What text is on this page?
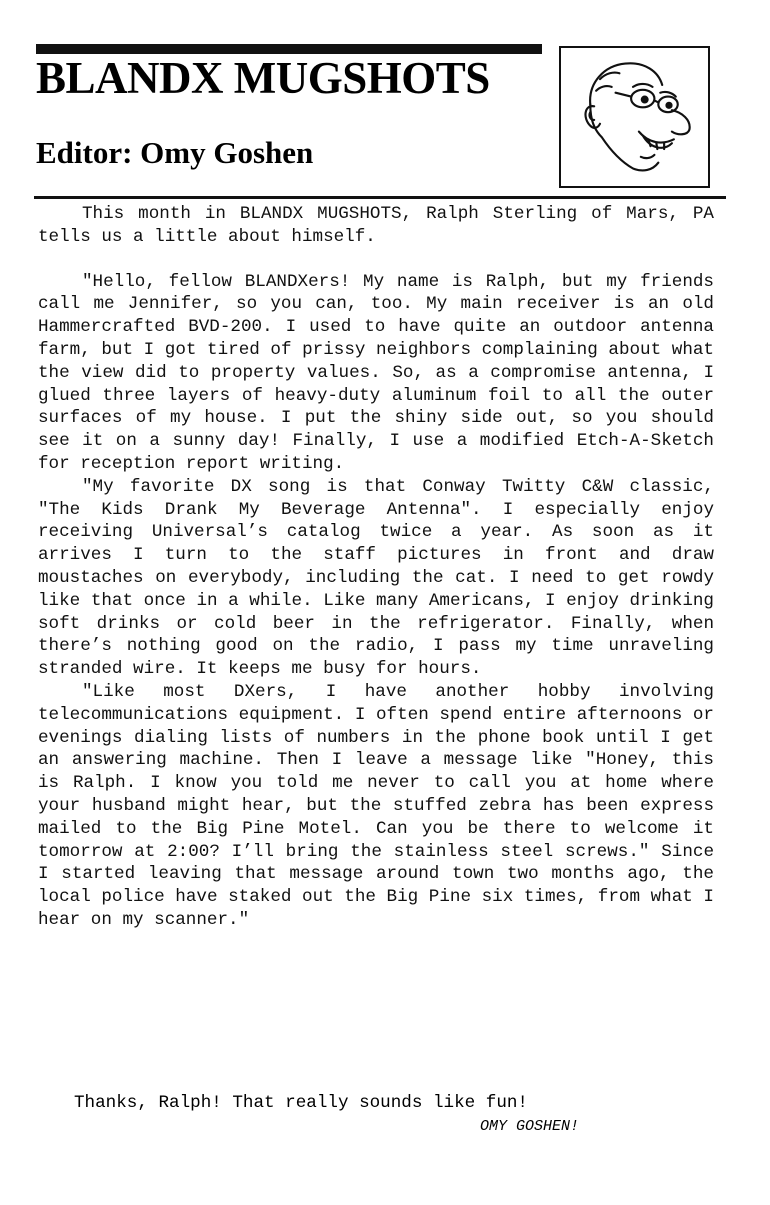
BLANDX MUGSHOTS
Editor: Omy Goshen

This month in BLANDX MUGSHOTS, Ralph Sterling of Mars, PA tells us a little about himself.

"Hello, fellow BLANDXers! My name is Ralph, but my friends call me Jennifer, so you can, too. My main receiver is an old Hammercrafted BVD-200. I used to have quite an outdoor antenna farm, but I got tired of prissy neighbors complaining about what the view did to property values. So, as a compromise antenna, I glued three layers of heavy-duty aluminum foil to all the outer surfaces of my house. I put the shiny side out, so you should see it on a sunny day! Finally, I use a modified Etch-A-Sketch for reception report writing.

"My favorite DX song is that Conway Twitty C&W classic, "The Kids Drank My Beverage Antenna". I especially enjoy receiving Universal’s catalog twice a year. As soon as it arrives I turn to the staff pictures in front and draw moustaches on everybody, including the cat. I need to get rowdy like that once in a while. Like many Americans, I enjoy drinking soft drinks or cold beer in the refrigerator. Finally, when there’s nothing good on the radio, I pass my time unraveling stranded wire. It keeps me busy for hours.

"Like most DXers, I have another hobby involving telecommunications equipment. I often spend entire afternoons or evenings dialing lists of numbers in the phone book until I get an answering machine. Then I leave a message like "Honey, this is Ralph. I know you told me never to call you at home where your husband might hear, but the stuffed zebra has been express mailed to the Big Pine Motel. Can you be there to welcome it tomorrow at 2:00? I’ll bring the stainless steel screws." Since I started leaving that message around town two months ago, the local police have staked out the Big Pine six times, from what I hear on my scanner."

Thanks, Ralph! That really sounds like fun!
OMY GOSHEN!
